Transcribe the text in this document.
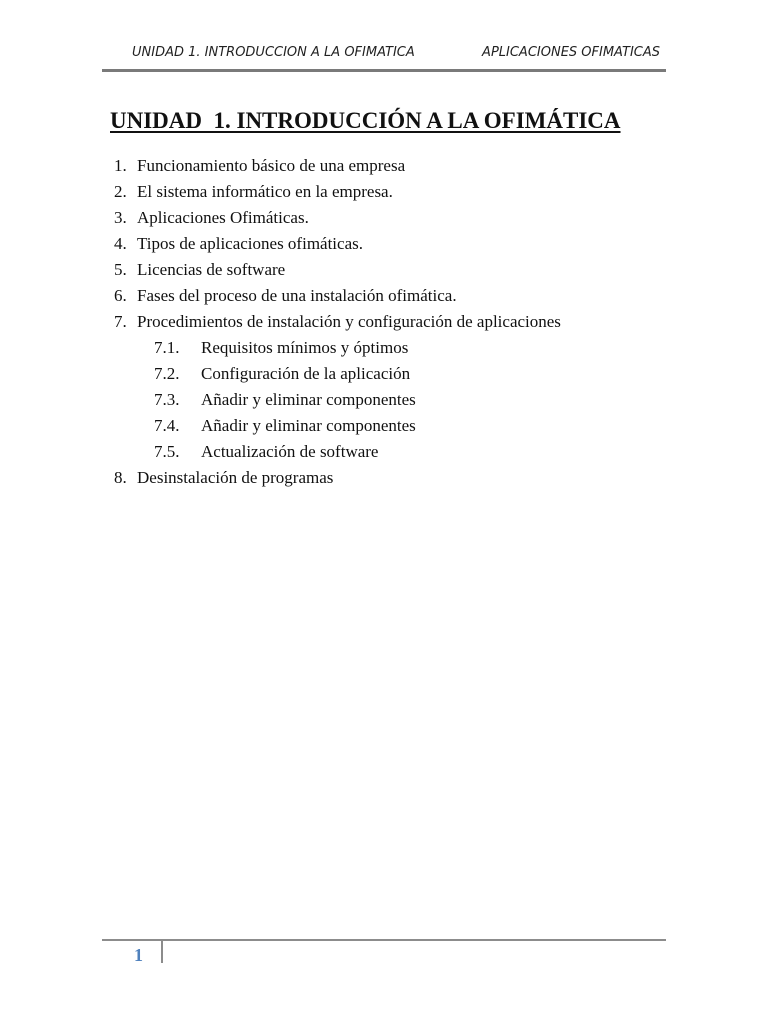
UNIDAD 1. INTRODUCCION A LA OFIMATICA	APLICACIONES OFIMATICAS
UNIDAD  1. INTRODUCCIÓN A LA OFIMÁTICA
1. Funcionamiento básico de una empresa
2. El sistema informático en la empresa.
3. Aplicaciones Ofimáticas.
4. Tipos de aplicaciones ofimáticas.
5. Licencias de software
6. Fases del proceso de una instalación ofimática.
7. Procedimientos de instalación y configuración de aplicaciones
7.1. Requisitos mínimos y óptimos
7.2. Configuración de la aplicación
7.3. Añadir y eliminar componentes
7.4. Añadir y eliminar componentes
7.5. Actualización de software
8. Desinstalación de programas
1
